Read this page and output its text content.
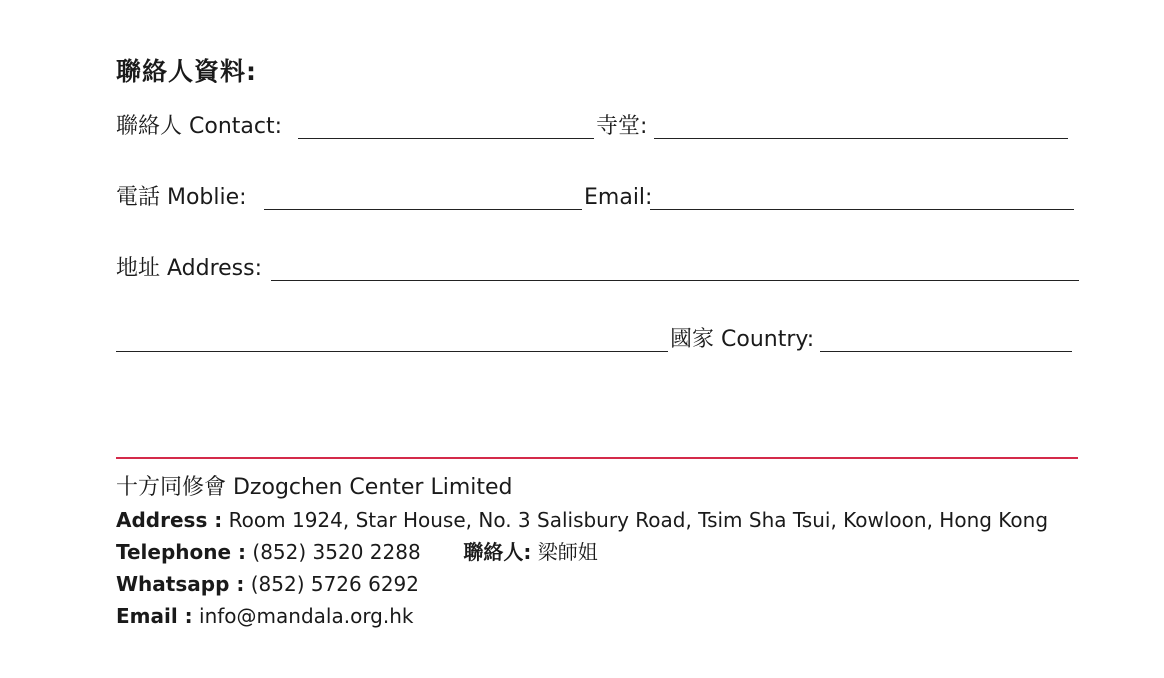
聯絡人資料:
聯絡人 Contact:	寺堂:
電話 Moblie:	Email:
地址 Address:
國家 Country:
十方同修會 Dzogchen Center Limited
Address : Room 1924, Star House, No. 3 Salisbury Road, Tsim Sha Tsui, Kowloon, Hong Kong
Telephone : (852) 3520 2288 聯絡人: 梁師姐
Whatsapp : (852) 5726 6292
Email : info@mandala.org.hk
